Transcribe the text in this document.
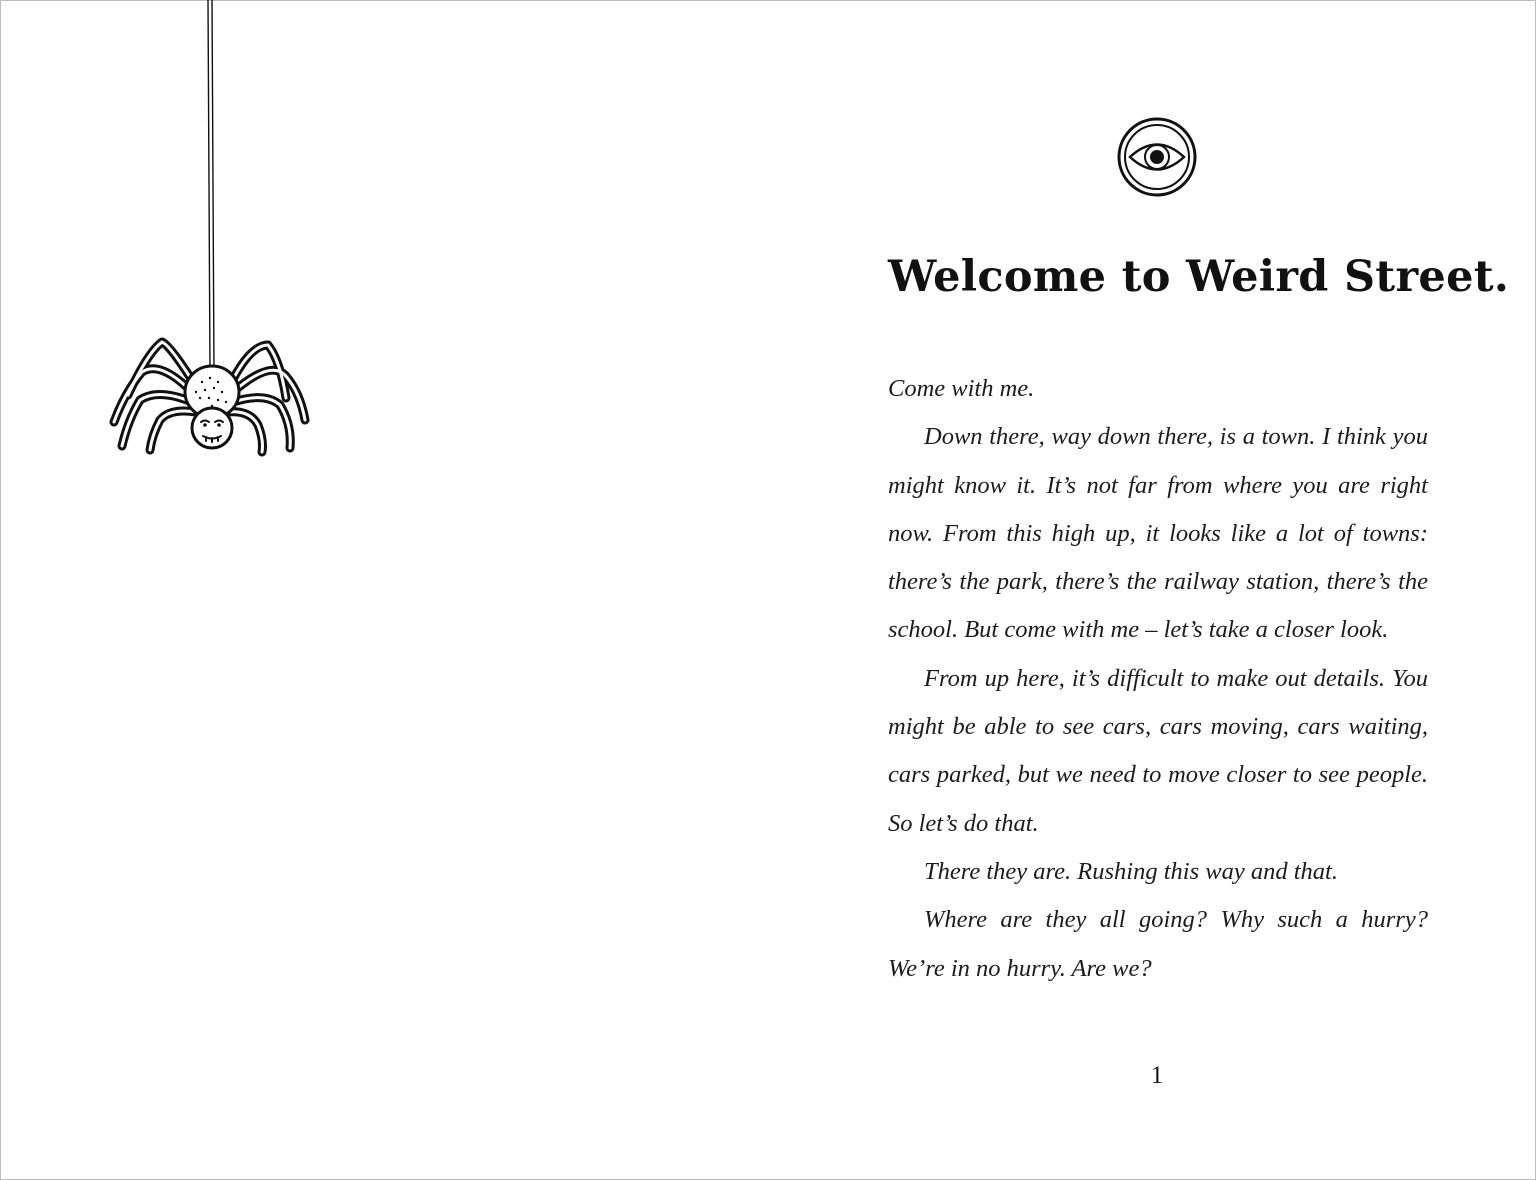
Welcome to Weird Street.

Come with me.

Down there, way down there, is a town. I think you might know it. It’s not far from where you are right now. From this high up, it looks like a lot of towns: there’s the park, there’s the railway station, there’s the school. But come with me – let’s take a closer look.

From up here, it’s difficult to make out details. You might be able to see cars, cars moving, cars waiting, cars parked, but we need to move closer to see people. So let’s do that.

There they are. Rushing this way and that.

Where are they all going? Why such a hurry? We’re in no hurry. Are we?

1
